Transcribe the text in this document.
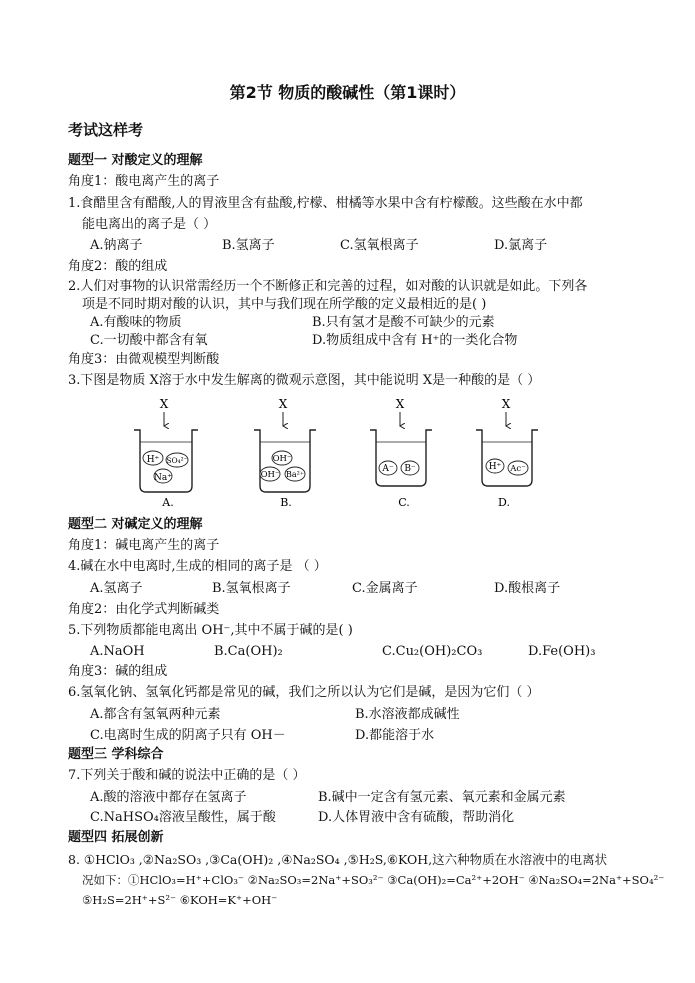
第2节 物质的酸碱性（第1课时）
考试这样考
题型一 对酸定义的理解
角度1：酸电离产生的离子
1.食醋里含有醋酸,人的胃液里含有盐酸,柠檬、柑橘等水果中含有柠檬酸。这些酸在水中都
能电离出的离子是（ ）
A.钠离子	B.氢离子	C.氢氧根离子	D.氯离子
角度2：酸的组成
2.人们对事物的认识常需经历一个不断修正和完善的过程，如对酸的认识就是如此。下列各
项是不同时期对酸的认识，其中与我们现在所学酸的定义最相近的是( )
A.有酸味的物质	B.只有氢才是酸不可缺少的元素
C.一切酸中都含有氧	D.物质组成中含有 H⁺的一类化合物
角度3：由微观模型判断酸
3.下图是物质 X溶于水中发生解离的微观示意图，其中能说明 X是一种酸的是（ ）
X
H⁺ SO₄²⁻
Na⁺
A.
X
OH⁻
OH⁻ Ba²⁺
B.
X
A⁻ B⁻
C.
X
H⁺ Ac⁻
D.
题型二 对碱定义的理解
角度1：碱电离产生的离子
4.碱在水中电离时,生成的相同的离子是 （ ）
A.氢离子	B.氢氧根离子	C.金属离子	D.酸根离子
角度2：由化学式判断碱类
5.下列物质都能电离出 OH⁻,其中不属于碱的是( )
A.NaOH	B.Ca(OH)₂	C.Cu₂(OH)₂CO₃	D.Fe(OH)₃
角度3：碱的组成
6.氢氧化钠、氢氧化钙都是常见的碱，我们之所以认为它们是碱，是因为它们（ ）
A.都含有氢氧两种元素	B.水溶液都成碱性
C.电离时生成的阴离子只有 OH－	D.都能溶于水
题型三 学科综合
7.下列关于酸和碱的说法中正确的是（ ）
A.酸的溶液中都存在氢离子	B.碱中一定含有氢元素、氧元素和金属元素
C.NaHSO₄溶液呈酸性，属于酸	D.人体胃液中含有硫酸，帮助消化
题型四 拓展创新
8. ①HClO₃ ,②Na₂SO₃ ,③Ca(OH)₂ ,④Na₂SO₄ ,⑤H₂S,⑥KOH,这六种物质在水溶液中的电离状
况如下：①HClO₃=H⁺+ClO₃⁻ ②Na₂SO₃=2Na⁺+SO₃²⁻ ③Ca(OH)₂=Ca²⁺+2OH⁻ ④Na₂SO₄=2Na⁺+SO₄²⁻
⑤H₂S=2H⁺+S²⁻ ⑥KOH=K⁺+OH⁻
